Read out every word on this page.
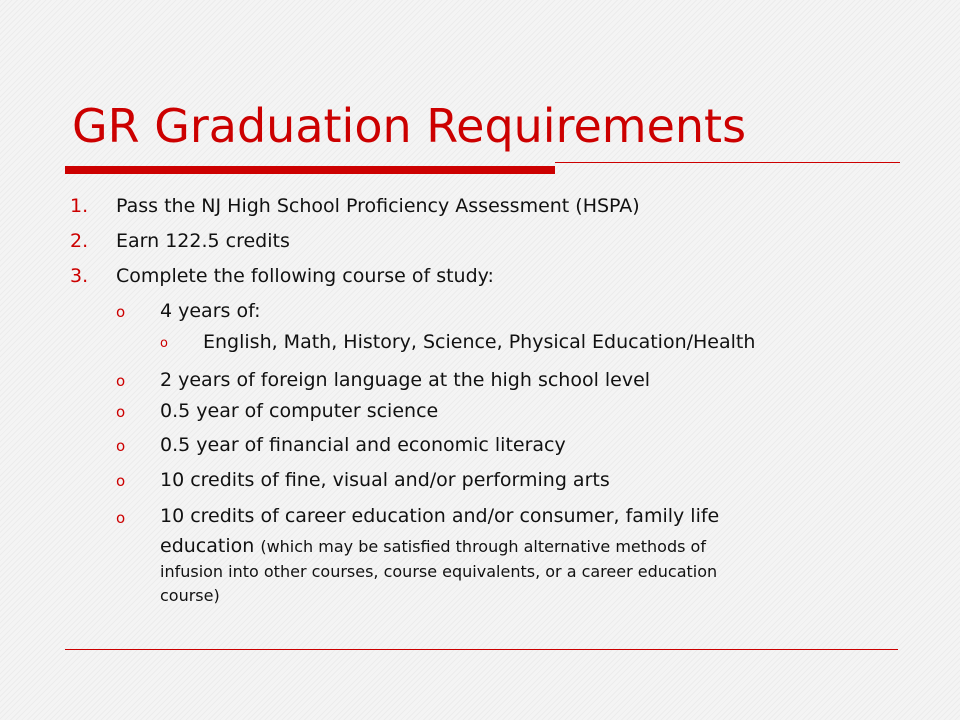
GR Graduation Requirements
1. Pass the NJ High School Proficiency Assessment (HSPA)
2. Earn 122.5 credits
3. Complete the following course of study:
o 4 years of:
o English, Math, History, Science, Physical Education/Health
o 2 years of foreign language at the high school level
o 0.5 year of computer science
o 0.5 year of financial and economic literacy
o 10 credits of fine, visual and/or performing arts
o 10 credits of career education and/or consumer, family life
education (which may be satisfied through alternative methods of
infusion into other courses, course equivalents, or a career education
course)
